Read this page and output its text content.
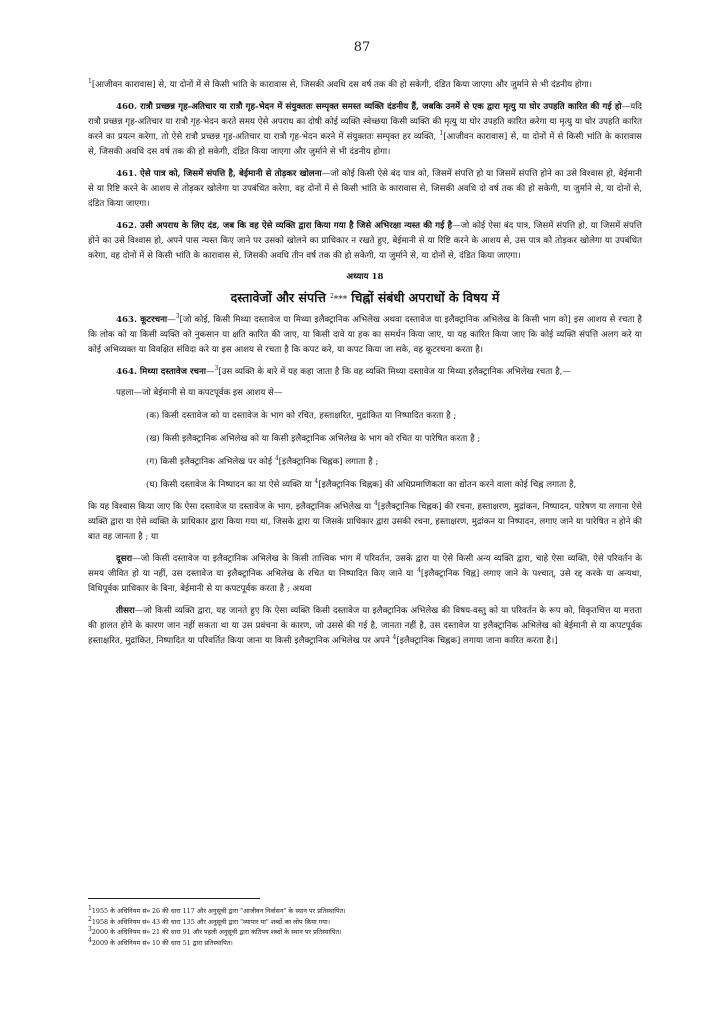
87

$^1$[आजीवन कारावास] से, या दोनों में से किसी भांति के कारावास से, जिसकी अवधि दस वर्ष तक की हो सकेगी, दंडित किया जाएगा और जुर्माने से भी दंडनीय होगा।

460. रात्रौ प्रच्छन्न गृह-अतिचार या रात्रौ गृह-भेदन में संयुक्ततः सम्पृक्त समस्त व्यक्ति दंडनीय हैं, जबकि उनमें से एक द्वारा मृत्यु या घोर उपहति कारित की गई हो—यदि रात्रौ प्रच्छन्न गृह-अतिचार या रात्रौ गृह-भेदन करते समय ऐसे अपराध का दोषी कोई व्यक्ति स्वेच्छया किसी व्यक्ति की मृत्यु या घोर उपहति कारित करेगा या मृत्यु या घोर उपहति कारित करने का प्रयत्न करेगा, तो ऐसे रात्रौ प्रच्छन्न गृह-अतिचार या रात्रौ गृह-भेदन करने में संयुक्ततः सम्पृक्त हर व्यक्ति, $^1$[आजीवन कारावास] से, या दोनों में से किसी भांति के कारावास से, जिसकी अवधि दस वर्ष तक की हो सकेगी, दंडित किया जाएगा और जुर्माने से भी दंडनीय होगा।

461. ऐसे पात्र को, जिसमें संपत्ति है, बेईमानी से तोड़कर खोलना—जो कोई किसी ऐसे बंद पात्र को, जिसमें संपत्ति हो या जिसमें संपत्ति होने का उसे विश्वास हो, बेईमानी से या रिष्टि करने के आशय से तोड़कर खोलेगा या उपबंधित करेगा, वह दोनों में से किसी भांति के कारावास से, जिसकी अवधि दो वर्ष तक की हो सकेगी, या जुर्माने से, या दोनों से, दंडित किया जाएगा।

462. उसी अपराध के लिए दंड, जब कि वह ऐसे व्यक्ति द्वारा किया गया है जिसे अभिरक्षा न्यस्त की गई है—जो कोई ऐसा बंद पात्र, जिसमें संपत्ति हो, या जिसमें संपत्ति होने का उसे विश्वास हो, अपने पास न्यस्त किए जाने पर उसको खोलने का प्राधिकार न रखते हुए, बेईमानी से या रिष्टि करने के आशय से, उस पात्र को तोड़कर खोलेगा या उपबंधित करेगा, वह दोनों में से किसी भांति के कारावास से, जिसकी अवधि तीन वर्ष तक की हो सकेगी, या जुर्माने से, या दोनों से, दंडित किया जाएगा।

अध्याय 18

दस्तावेजों और संपत्ति $^2$*** चिह्नों संबंधी अपराधों के विषय में

463. कूटरचना—$^3$[जो कोई, किसी मिथ्या दस्तावेज या मिथ्या इलैक्ट्रानिक अभिलेख अथवा दस्तावेज या इलैक्ट्रानिक अभिलेख के किसी भाग को] इस आशय से रचता है कि लोक को या किसी व्यक्ति को नुकसान या क्षति कारित की जाए, या किसी दावे या हक का समर्थन किया जाए, या यह कारित किया जाए कि कोई व्यक्ति संपत्ति अलग करे या कोई अभिव्यक्त या विवक्षित संविदा करे या इस आशय से रचता है कि कपट करे, या कपट किया जा सके, वह कूटरचना करता है।

464. मिथ्या दस्तावेज रचना—$^3$[उस व्यक्ति के बारे में यह कहा जाता है कि वह व्यक्ति मिथ्या दस्तावेज या मिथ्या इलैक्ट्रानिक अभिलेख रचता है,—

पहला—जो बेईमानी से या कपटपूर्वक इस आशय से—

(क) किसी दस्तावेज को या दस्तावेज के भाग को रचित, हस्ताक्षरित, मुद्रांकित या निष्पादित करता है ;

(ख) किसी इलैक्ट्रानिक अभिलेख को या किसी इलैक्ट्रानिक अभिलेख के भाग को रचित या पारेषित करता है ;

(ग) किसी इलैक्ट्रानिक अभिलेख पर कोई $^4$[इलैक्ट्रानिक चिह्नक] लगाता है ;

(घ) किसी दस्तावेज के निष्पादन का या ऐसे व्यक्ति या $^4$[इलैक्ट्रानिक चिह्नक] की अधिप्रमाणिकता का द्योतन करने वाला कोई चिह्न लगाता है,

कि यह विश्वास किया जाए कि ऐसा दस्तावेज या दस्तावेज के भाग, इलैक्ट्रानिक अभिलेख या $^4$[इलैक्ट्रानिक चिह्नक] की रचना, हस्ताक्षरण, मुद्रांकन, निष्पादन, पारेषण या लगाना ऐसे व्यक्ति द्वारा या ऐसे व्यक्ति के प्राधिकार द्वारा किया गया था, जिसके द्वारा या जिसके प्राधिकार द्वारा उसकी रचना, हस्ताक्षरण, मुद्रांकन या निष्पादन, लगाए जाने या पारेषित न होने की बात वह जानता है ; या

दूसरा—जो किसी दस्तावेज या इलैक्ट्रानिक अभिलेख के किसी तात्त्विक भाग में परिवर्तन, उसके द्वारा या ऐसे किसी अन्य व्यक्ति द्वारा, चाहे ऐसा व्यक्ति, ऐसे परिवर्तन के समय जीवित हो या नहीं, उस दस्तावेज या इलैक्ट्रानिक अभिलेख के रचित या निष्पादित किए जाने या $^4$[इलैक्ट्रानिक चिह्न] लगाए जाने के पश्चात्, उसे रद्द करके या अन्यथा, विधिपूर्वक प्राधिकार के बिना, बेईमानी से या कपटपूर्वक करता है ; अथवा

तीसरा—जो किसी व्यक्ति द्वारा, यह जानते हुए कि ऐसा व्यक्ति किसी दस्तावेज या इलैक्ट्रानिक अभिलेख की विषय-वस्तु को या परिवर्तन के रूप को, विकृतचित्त या मत्तता की हालत होने के कारण जान नहीं सकता था या उस प्रवंचना के कारण, जो उससे की गई है, जानता नहीं है, उस दस्तावेज या इलैक्ट्रानिक अभिलेख को बेईमानी से या कपटपूर्वक हस्ताक्षरित, मुद्रांकित, निष्पादित या परिवर्तित किया जाना या किसी इलैक्ट्रानिक अभिलेख पर अपने $^4$[इलैक्ट्रानिक चिह्नक] लगाया जाना कारित करता है।]

$^1$1955 के अधिनियम सं० 26 की धारा 117 और अनुसूची द्वारा "आजीवन निर्वासन" के स्थान पर प्रतिस्थापित।

$^2$1958 के अधिनियम सं० 43 की धारा 135 और अनुसूची द्वारा "व्यापार या" शब्दों का लोप किया गया।

$^3$2000 के अधिनियम सं० 21 की धारा 91 और पहली अनुसूची द्वारा कतिपय शब्दों के स्थान पर प्रतिस्थापित।

$^4$2009 के अधिनियम सं० 10 की धारा 51 द्वारा प्रतिस्थापित।
